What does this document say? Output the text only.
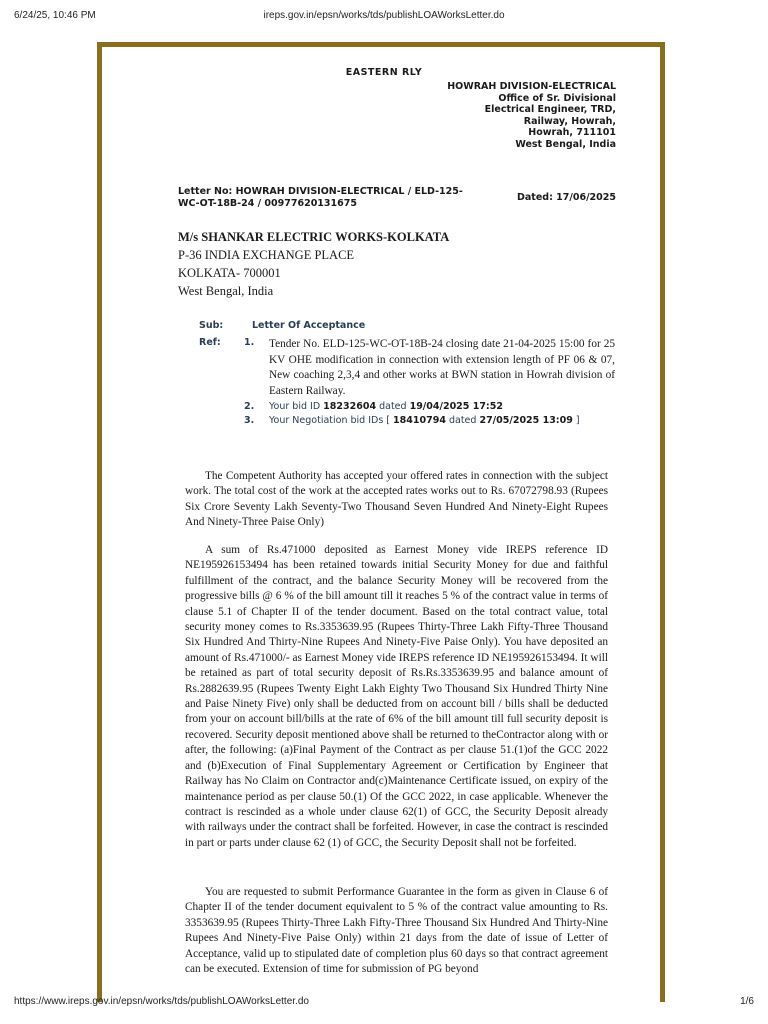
6/24/25, 10:46 PM	ireps.gov.in/epsn/works/tds/publishLOAWorksLetter.do
EASTERN RLY
HOWRAH DIVISION-ELECTRICAL
Office of Sr. Divisional
Electrical Engineer, TRD,
Railway, Howrah,
Howrah, 711101
West Bengal, India
Letter No: HOWRAH DIVISION-ELECTRICAL / ELD-125-WC-OT-18B-24 / 00977620131675	Dated: 17/06/2025
M/s SHANKAR ELECTRIC WORKS-KOLKATA
P-36 INDIA EXCHANGE PLACE
KOLKATA- 700001
West Bengal, India
Sub:	Letter Of Acceptance
Ref:	1.	Tender No. ELD-125-WC-OT-18B-24 closing date 21-04-2025 15:00 for 25 KV OHE modification in connection with extension length of PF 06 & 07, New coaching 2,3,4 and other works at BWN station in Howrah division of Eastern Railway.
2.	Your bid ID 18232604 dated 19/04/2025 17:52
3.	Your Negotiation bid IDs [ 18410794 dated 27/05/2025 13:09 ]

The Competent Authority has accepted your offered rates in connection with the subject work. The total cost of the work at the accepted rates works out to Rs. 67072798.93 (Rupees Six Crore Seventy Lakh Seventy-Two Thousand Seven Hundred And Ninety-Eight Rupees And Ninety-Three Paise Only)

A sum of Rs.471000 deposited as Earnest Money vide IREPS reference ID NE195926153494 has been retained towards initial Security Money for due and faithful fulfillment of the contract, and the balance Security Money will be recovered from the progressive bills @ 6 % of the bill amount till it reaches 5 % of the contract value in terms of clause 5.1 of Chapter II of the tender document. Based on the total contract value, total security money comes to Rs.3353639.95 (Rupees Thirty-Three Lakh Fifty-Three Thousand Six Hundred And Thirty-Nine Rupees And Ninety-Five Paise Only). You have deposited an amount of Rs.471000/- as Earnest Money vide IREPS reference ID NE195926153494. It will be retained as part of total security deposit of Rs.Rs.3353639.95 and balance amount of Rs.2882639.95 (Rupees Twenty Eight Lakh Eighty Two Thousand Six Hundred Thirty Nine and Paise Ninety Five) only shall be deducted from on account bill / bills shall be deducted from your on account bill/bills at the rate of 6% of the bill amount till full security deposit is recovered. Security deposit mentioned above shall be returned to theContractor along with or after, the following: (a)Final Payment of the Contract as per clause 51.(1)of the GCC 2022 and (b)Execution of Final Supplementary Agreement or Certification by Engineer that Railway has No Claim on Contractor and(c)Maintenance Certificate issued, on expiry of the maintenance period as per clause 50.(1) Of the GCC 2022, in case applicable. Whenever the contract is rescinded as a whole under clause 62(1) of GCC, the Security Deposit already with railways under the contract shall be forfeited. However, in case the contract is rescinded in part or parts under clause 62 (1) of GCC, the Security Deposit shall not be forfeited.

You are requested to submit Performance Guarantee in the form as given in Clause 6 of Chapter II of the tender document equivalent to 5 % of the contract value amounting to Rs. 3353639.95 (Rupees Thirty-Three Lakh Fifty-Three Thousand Six Hundred And Thirty-Nine Rupees And Ninety-Five Paise Only) within 21 days from the date of issue of Letter of Acceptance, valid up to stipulated date of completion plus 60 days so that contract agreement can be executed. Extension of time for submission of PG beyond

https://www.ireps.gov.in/epsn/works/tds/publishLOAWorksLetter.do	1/6
